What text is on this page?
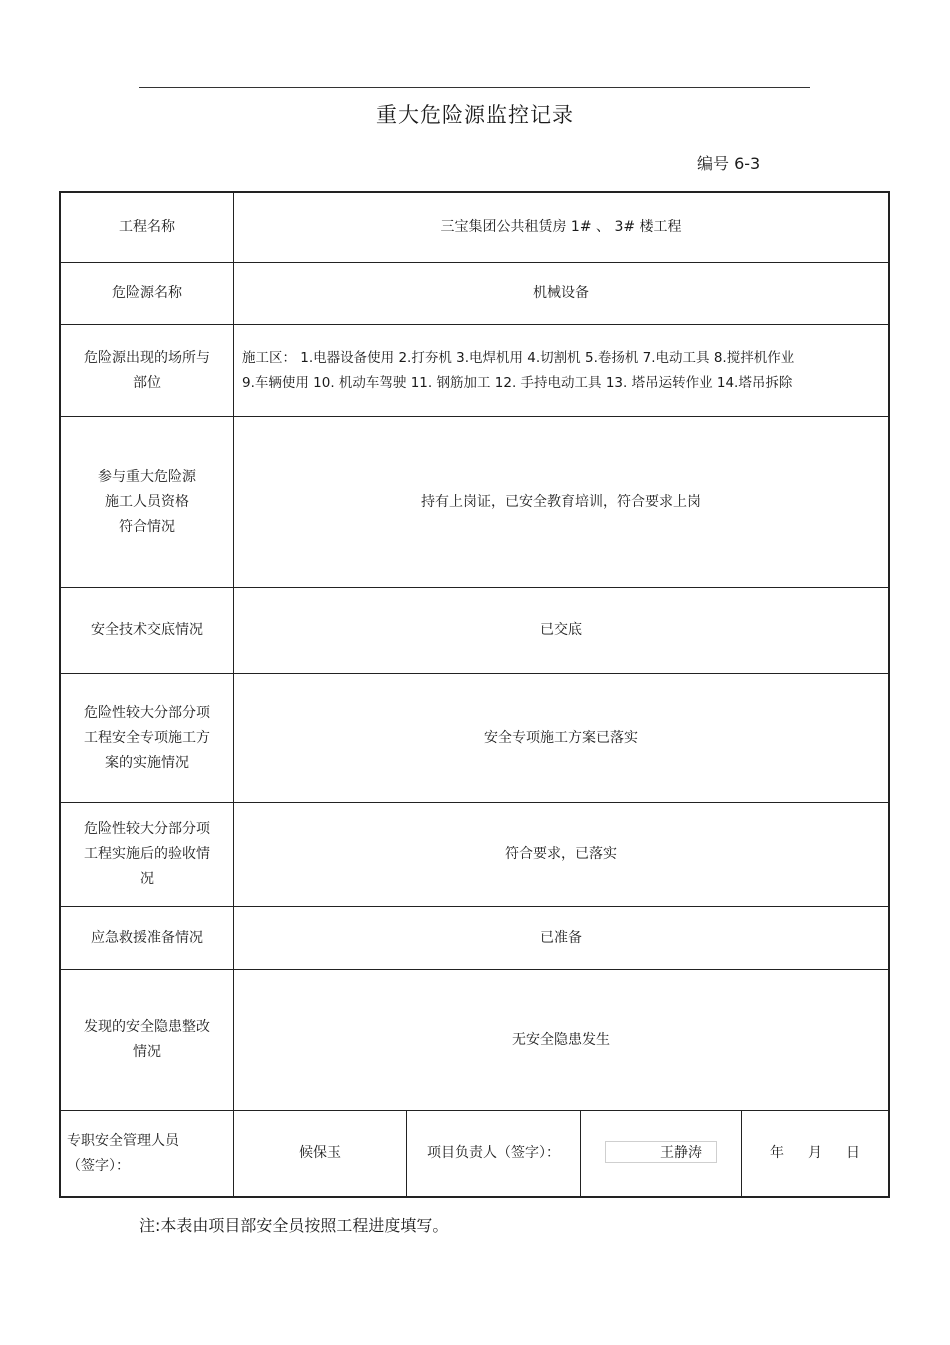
重大危险源监控记录
编号 6-3
工程名称	三宝集团公共租赁房 1# 、 3# 楼工程			
危险源名称	机械设备			
危险源出现的场所与
部位	施工区： 1.电器设备使用 2.打夯机 3.电焊机用 4.切割机 5.卷扬机 7.电动工具 8.搅拌机作业
9.车辆使用 10. 机动车驾驶 11. 钢筋加工 12. 手持电动工具 13. 塔吊运转作业 14.塔吊拆除			
参与重大危险源
施工人员资格
符合情况	持有上岗证，已安全教育培训，符合要求上岗			
安全技术交底情况	已交底			
危险性较大分部分项
工程安全专项施工方
案的实施情况	安全专项施工方案已落实			
危险性较大分部分项
工程实施后的验收情
况	符合要求，已落实			
应急救援准备情况	已准备			
发现的安全隐患整改
情况	无安全隐患发生			
专职安全管理人员
（签字）：	候保玉	项目负责人（签字）：	王静涛	年 月 日
注:本表由项目部安全员按照工程进度填写。
